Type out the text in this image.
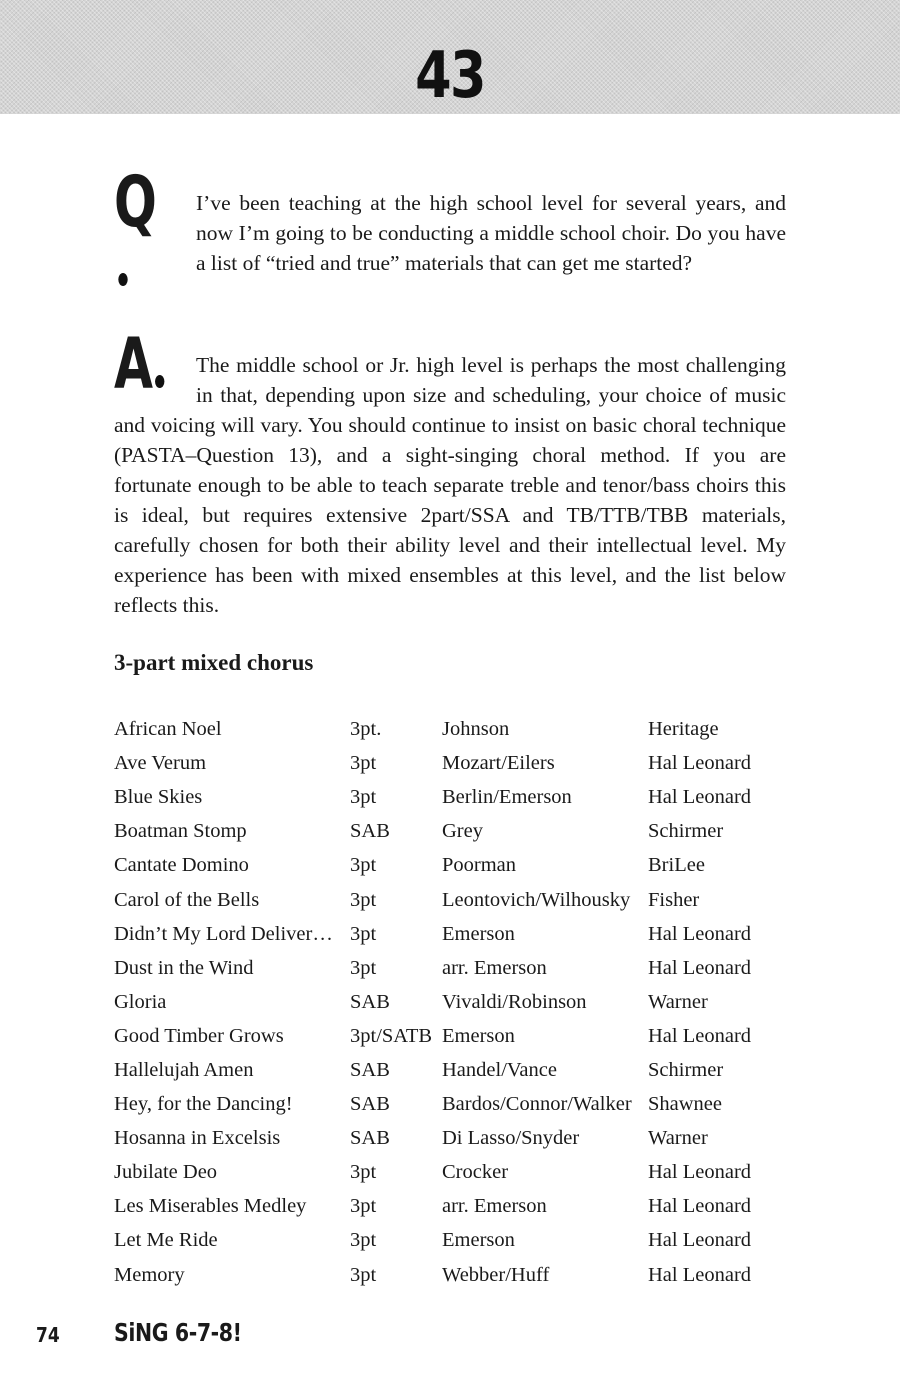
43
Q	I’ve been teaching at the high school level for several years, and now I’m going to be conducting a middle school choir. Do you have a list of “tried and true” materials that can get me started?
A	The middle school or Jr. high level is perhaps the most challenging in that, depending upon size and scheduling, your choice of music and voicing will vary. You should continue to insist on basic choral technique (PASTA–Question 13), and a sight-singing choral method. If you are fortunate enough to be able to teach separate treble and tenor/bass choirs this is ideal, but requires extensive 2part/SSA and TB/TTB/TBB materials, carefully chosen for both their ability level and their intellectual level. My experience has been with mixed ensembles at this level, and the list below reflects this.
3-part mixed chorus
African Noel	3pt.	Johnson	Heritage
Ave Verum	3pt	Mozart/Eilers	Hal Leonard
Blue Skies	3pt	Berlin/Emerson	Hal Leonard
Boatman Stomp	SAB	Grey	Schirmer
Cantate Domino	3pt	Poorman	BriLee
Carol of the Bells	3pt	Leontovich/Wilhousky	Fisher
Didn’t My Lord Deliver…	3pt	Emerson	Hal Leonard
Dust in the Wind	3pt	arr. Emerson	Hal Leonard
Gloria	SAB	Vivaldi/Robinson	Warner
Good Timber Grows	3pt/SATB	Emerson	Hal Leonard
Hallelujah Amen	SAB	Handel/Vance	Schirmer
Hey, for the Dancing!	SAB	Bardos/Connor/Walker	Shawnee
Hosanna in Excelsis	SAB	Di Lasso/Snyder	Warner
Jubilate Deo	3pt	Crocker	Hal Leonard
Les Miserables Medley	3pt	arr. Emerson	Hal Leonard
Let Me Ride	3pt	Emerson	Hal Leonard
Memory	3pt	Webber/Huff	Hal Leonard
74 SiNG 6-7-8!
